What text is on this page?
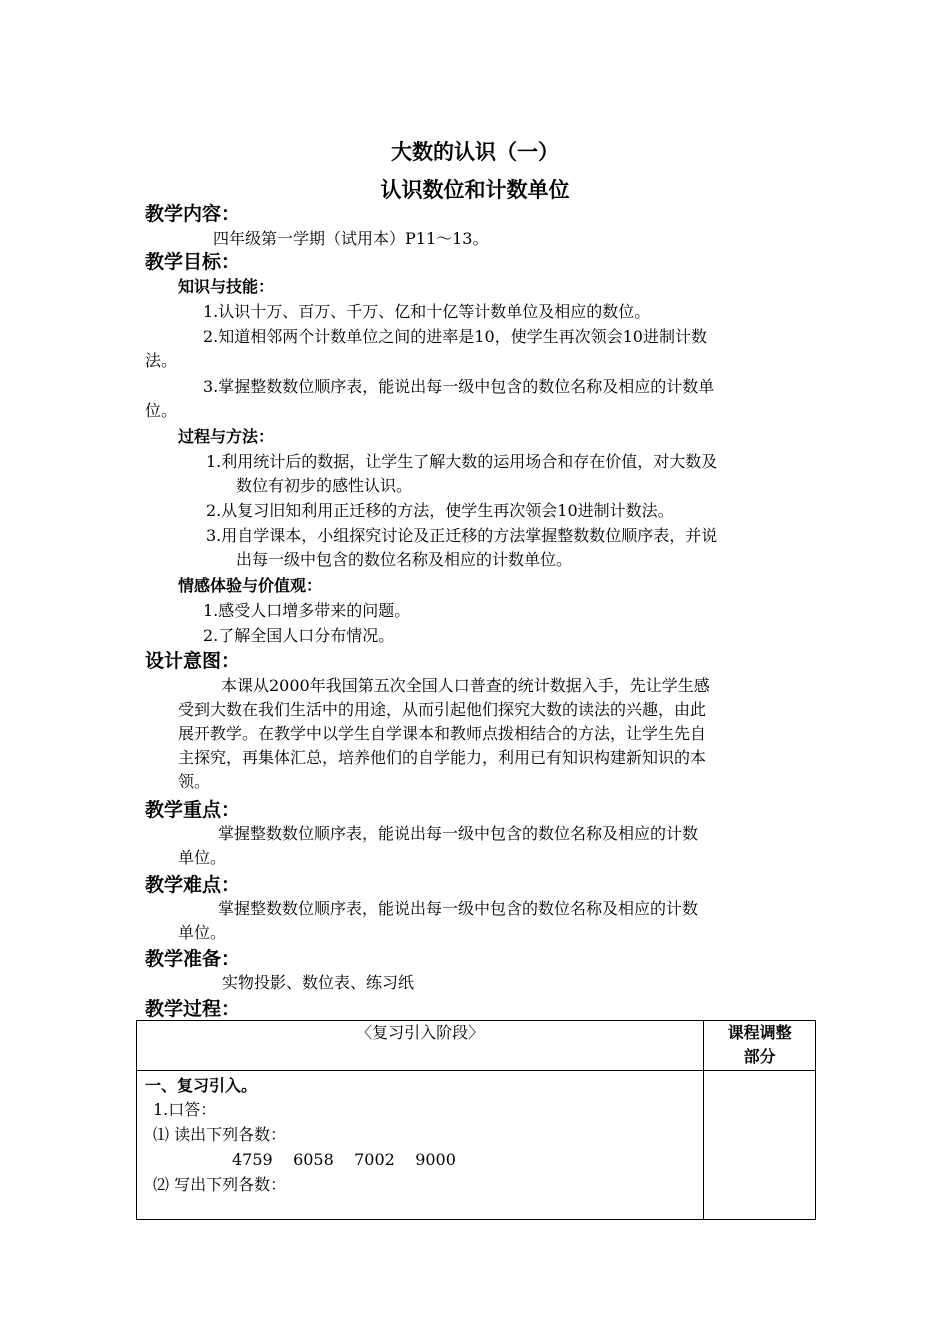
大数的认识（一）
认识数位和计数单位
教学内容：
四年级第一学期（试用本）P11～13。
教学目标：
知识与技能：
1.认识十万、百万、千万、亿和十亿等计数单位及相应的数位。
2.知道相邻两个计数单位之间的进率是10，使学生再次领会10进制计数
法。
3.掌握整数数位顺序表，能说出每一级中包含的数位名称及相应的计数单
位。
过程与方法：
1.利用统计后的数据，让学生了解大数的运用场合和存在价值，对大数及
数位有初步的感性认识。
2.从复习旧知利用正迁移的方法，使学生再次领会10进制计数法。
3.用自学课本，小组探究讨论及正迁移的方法掌握整数数位顺序表，并说
出每一级中包含的数位名称及相应的计数单位。
情感体验与价值观：
1.感受人口增多带来的问题。
2.了解全国人口分布情况。
设计意图：
本课从2000年我国第五次全国人口普查的统计数据入手，先让学生感
受到大数在我们生活中的用途，从而引起他们探究大数的读法的兴趣，由此
展开教学。在教学中以学生自学课本和教师点拨相结合的方法，让学生先自
主探究，再集体汇总，培养他们的自学能力，利用已有知识构建新知识的本
领。
教学重点：
掌握整数数位顺序表，能说出每一级中包含的数位名称及相应的计数
单位。
教学难点：
掌握整数数位顺序表，能说出每一级中包含的数位名称及相应的计数
单位。
教学准备：
实物投影、数位表、练习纸
教学过程：
〈复习引入阶段〉	课程调整
部分

一、复习引入。
1.口答：
⑴ 读出下列各数：
4759    6058    7002    9000
⑵ 写出下列各数：	
